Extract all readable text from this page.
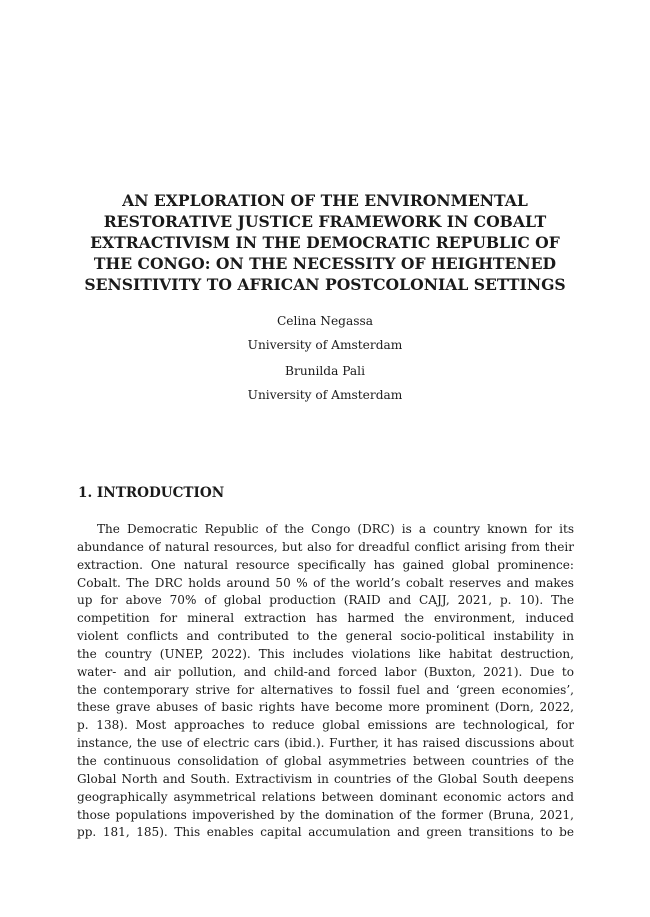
AN EXPLORATION OF THE ENVIRONMENTAL
RESTORATIVE JUSTICE FRAMEWORK IN COBALT
EXTRACTIVISM IN THE DEMOCRATIC REPUBLIC OF
THE CONGO: ON THE NECESSITY OF HEIGHTENED
SENSITIVITY TO AFRICAN POSTCOLONIAL SETTINGS
Celina Negassa
University of Amsterdam
Brunilda Pali
University of Amsterdam
1. INTRODUCTION
The Democratic Republic of the Congo (DRC) is a country known for its
abundance of natural resources, but also for dreadful conflict arising from their
extraction. One natural resource specifically has gained global prominence:
Cobalt. The DRC holds around 50 % of the world’s cobalt reserves and makes
up for above 70% of global production (RAID and CAJJ, 2021, p. 10). The
competition for mineral extraction has harmed the environment, induced
violent conflicts and contributed to the general socio-political instability in
the country (UNEP, 2022). This includes violations like habitat destruction,
water- and air pollution, and child-and forced labor (Buxton, 2021). Due to
the contemporary strive for alternatives to fossil fuel and ‘green economies’,
these grave abuses of basic rights have become more prominent (Dorn, 2022,
p. 138). Most approaches to reduce global emissions are technological, for
instance, the use of electric cars (ibid.). Further, it has raised discussions about
the continuous consolidation of global asymmetries between countries of the
Global North and South. Extractivism in countries of the Global South deepens
geographically asymmetrical relations between dominant economic actors and
those populations impoverished by the domination of the former (Bruna, 2021,
pp. 181, 185). This enables capital accumulation and green transitions to be
